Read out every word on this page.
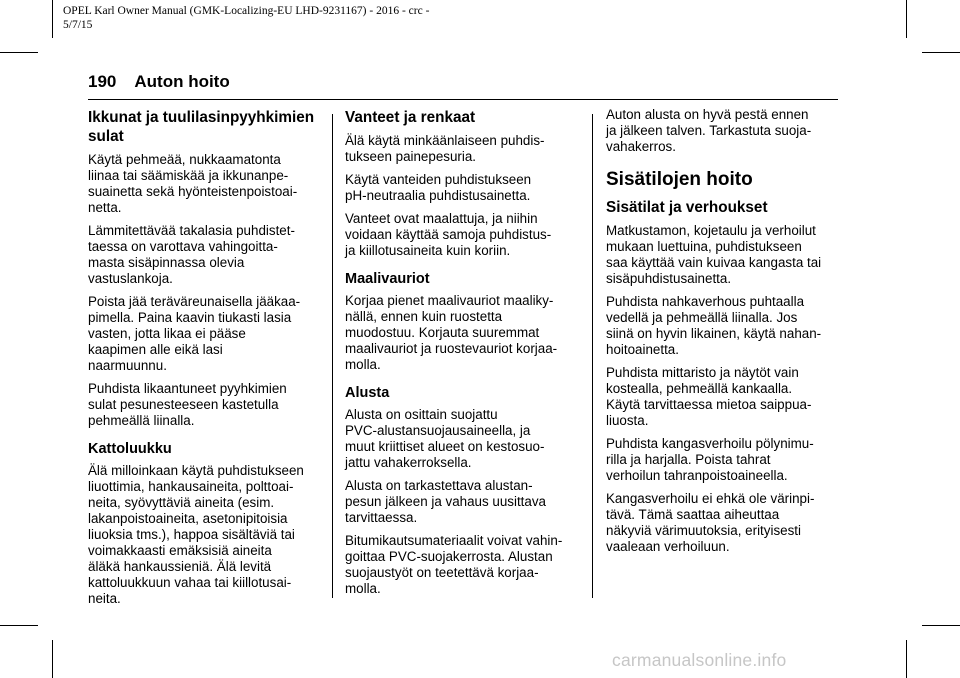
OPEL Karl Owner Manual (GMK-Localizing-EU LHD-9231167) - 2016 - crc -
5/7/15
190 Auton hoito
Ikkunat ja tuulilasinpyyhkimien
sulat

Käytä pehmeää, nukkaamatonta
liinaa tai säämiskää ja ikkunanpe-
suainetta sekä hyönteistenpoistoai-
netta.

Lämmitettävää takalasia puhdistet-
taessa on varottava vahingoitta-
masta sisäpinnassa olevia
vastuslankoja.

Poista jää teräväreunaisella jääkaa-
pimella. Paina kaavin tiukasti lasia
vasten, jotta likaa ei pääse
kaapimen alle eikä lasi
naarmuunnu.

Puhdista likaantuneet pyyhkimien
sulat pesunesteeseen kastetulla
pehmeällä liinalla.

Kattoluukku

Älä milloinkaan käytä puhdistukseen
liuottimia, hankausaineita, polttoai-
neita, syövyttäviä aineita (esim.
lakanpoistoaineita, asetonipitoisia
liuoksia tms.), happoa sisältäviä tai
voimakkaasti emäksisiä aineita
äläkä hankaussieniä. Älä levitä
kattoluukkuun vahaa tai kiillotusai-
neita.

Vanteet ja renkaat

Älä käytä minkäänlaiseen puhdis-
tukseen painepesuria.

Käytä vanteiden puhdistukseen
pH-neutraalia puhdistusainetta.

Vanteet ovat maalattuja, ja niihin
voidaan käyttää samoja puhdistus-
ja kiillotusaineita kuin koriin.

Maalivauriot

Korjaa pienet maalivauriot maaliky-
nällä, ennen kuin ruostetta
muodostuu. Korjauta suuremmat
maalivauriot ja ruostevauriot korjaa-
molla.

Alusta

Alusta on osittain suojattu
PVC-alustansuojausaineella, ja
muut kriittiset alueet on kestosuo-
jattu vahakerroksella.

Alusta on tarkastettava alustan-
pesun jälkeen ja vahaus uusittava
tarvittaessa.

Bitumikautsumateriaalit voivat vahin-
goittaa PVC-suojakerrosta. Alustan
suojaustyöt on teetettävä korjaa-
molla.

Auton alusta on hyvä pestä ennen
ja jälkeen talven. Tarkastuta suoja-
vahakerros.

Sisätilojen hoito
Sisätilat ja verhoukset

Matkustamon, kojetaulu ja verhoilut
mukaan luettuina, puhdistukseen
saa käyttää vain kuivaa kangasta tai
sisäpuhdistusainetta.

Puhdista nahkaverhous puhtaalla
vedellä ja pehmeällä liinalla. Jos
siinä on hyvin likainen, käytä nahan-
hoitoainetta.

Puhdista mittaristo ja näytöt vain
kostealla, pehmeällä kankaalla.
Käytä tarvittaessa mietoa saippua-
liuosta.

Puhdista kangasverhoilu pölynimu-
rilla ja harjalla. Poista tahrat
verhoilun tahranpoistoaineella.

Kangasverhoilu ei ehkä ole värinpi-
tävä. Tämä saattaa aiheuttaa
näkyviä värimuutoksia, erityisesti
vaaleaan verhoiluun.

carmanualsonline.info
